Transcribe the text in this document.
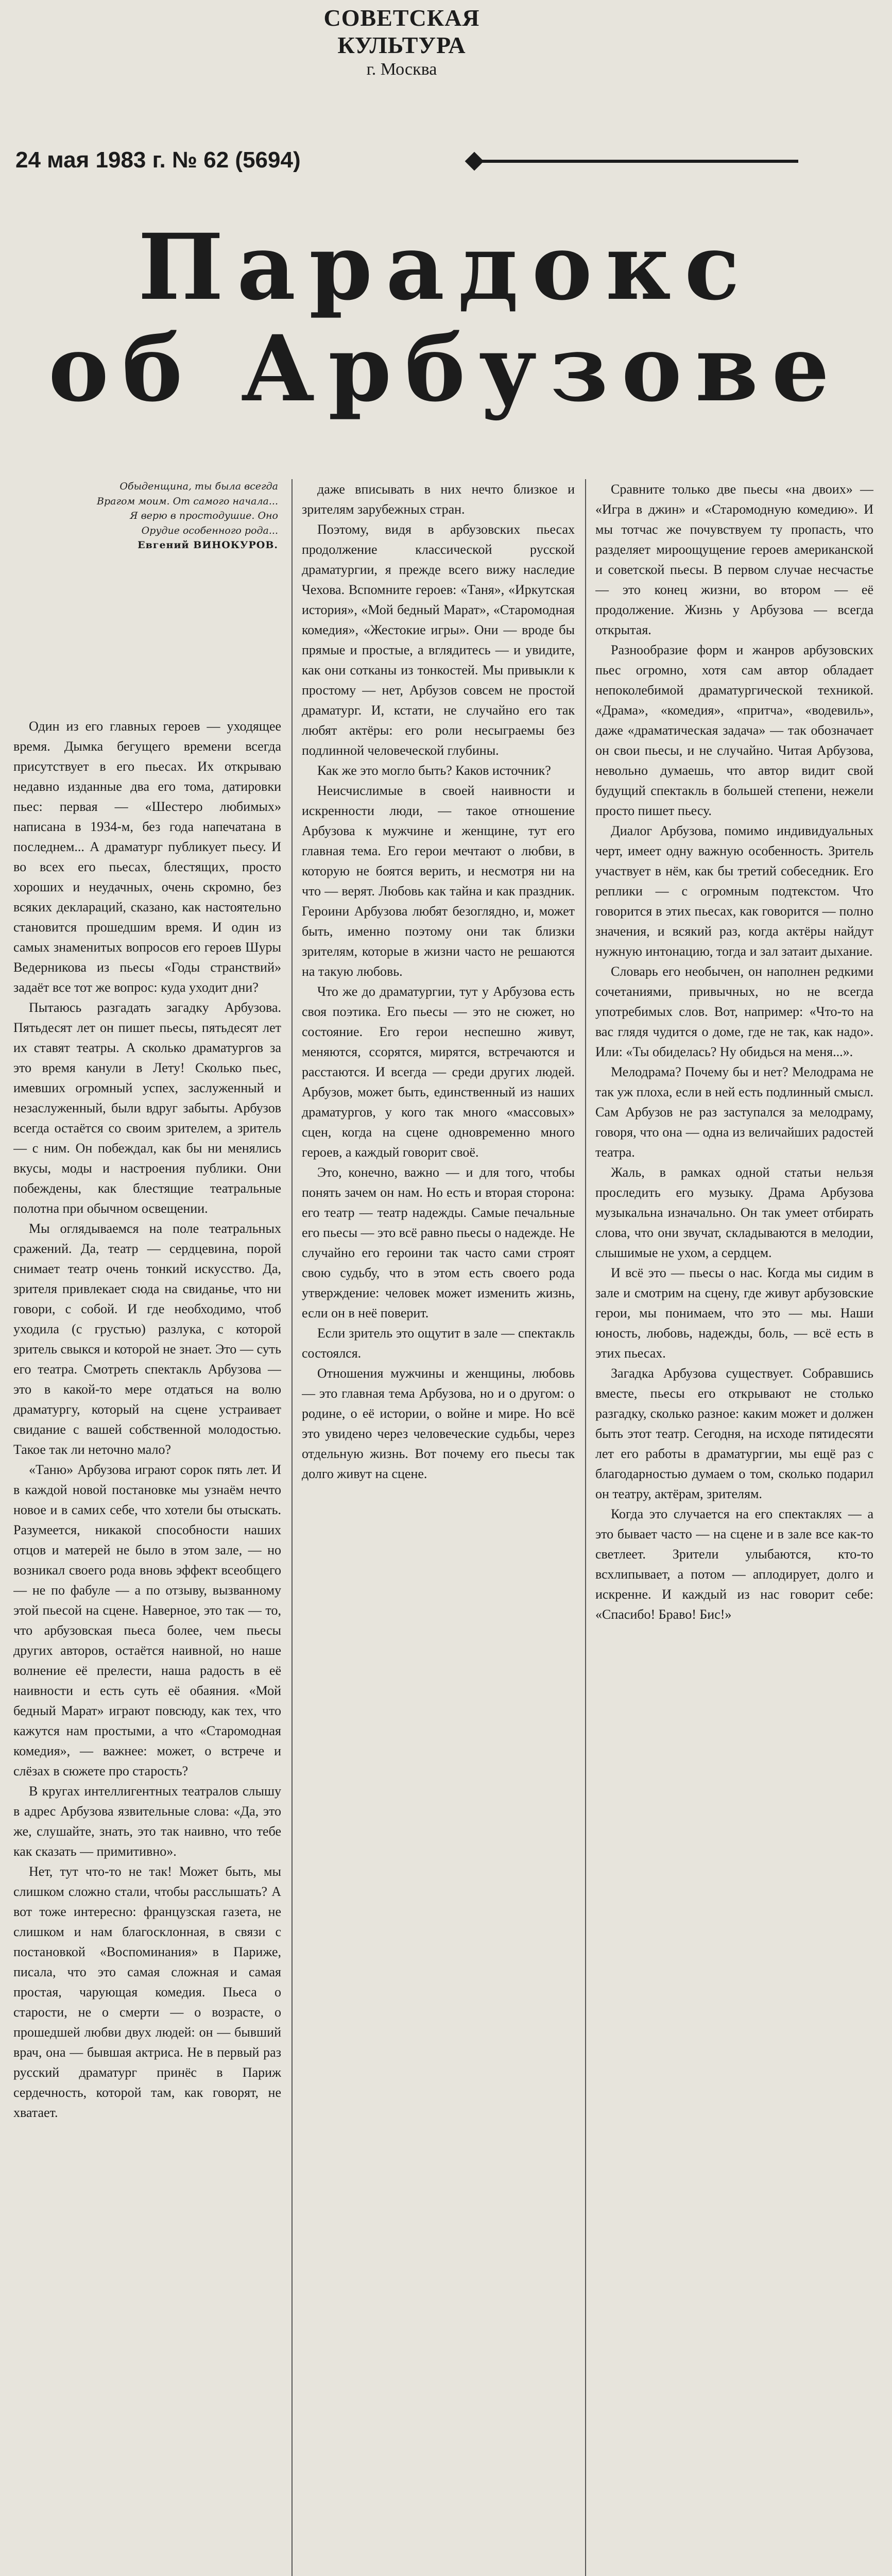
СОВЕТСКАЯ КУЛЬТУРА
г. Москва
24 мая 1983 г. № 62 (5694)
Парадокс
об Арбузове
Обыденщина, ты была всегда
Врагом моим. От самого начала...
Я верю в простодушие. Оно
Орудие особенного рода...
Евгений ВИНОКУРОВ.

Один из его главных героев — уходящее время. Дымка бегущего времени всегда присутствует в его пьесах. Их открываю недавно изданные два его тома, датировки пьес: первая — «Шестеро любимых» написана в 1934-м, без года напечатана в последнем... А драматург публикует пьесу. И во всех его пьесах, блестящих, просто хороших и неудачных, очень скромно, без всяких деклараций, сказано, как настоятельно становится прошедшим время. И один из самых знаменитых вопросов его героев Шуры Ведерникова из пьесы «Годы странствий» задаёт все тот же вопрос: куда уходит дни?

Пытаюсь разгадать загадку Арбузова. Пятьдесят лет он пишет пьесы, пятьдесят лет их ставят театры. А сколько драматургов за это время канули в Лету! Сколько пьес, имевших огромный успех, заслуженный и незаслуженный, были вдруг забыты. Арбузов всегда остаётся со своим зрителем, а зритель — с ним. Он побеждал, как бы ни менялись вкусы, моды и настроения публики. Они побеждены, как блестящие театральные полотна при обычном освещении.

Мы оглядываемся на поле театральных сражений. Да, театр — сердцевина, порой снимает театр очень тонкий искусство. Да, зрителя привлекает сюда на свиданье, что ни говори, с собой. И где необходимо, чтоб уходила (с грустью) разлука, с которой зритель свыкся и которой не знает. Это — суть его театра. Смотреть спектакль Арбузова — это в какой-то мере отдаться на волю драматургу, который на сцене устраивает свидание с вашей собственной молодостью. Такое так ли неточно мало?

«Таню» Арбузова играют сорок пять лет. И в каждой новой постановке мы узнаём нечто новое и в самих себе, что хотели бы отыскать. Разумеется, никакой способности наших отцов и матерей не было в этом зале, — но возникал своего рода вновь эффект всеобщего — не по фабуле — а по отзыву, вызванному этой пьесой на сцене. Наверное, это так — то, что арбузовская пьеса более, чем пьесы других авторов, остаётся наивной, но наше волнение её прелести, наша радость в её наивности и есть суть её обаяния. «Мой бедный Марат» играют повсюду, как тех, что кажутся нам простыми, а что «Старомодная комедия», — важнее: может, о встрече и слёзах в сюжете про старость?

В кругах интеллигентных театралов слышу в адрес Арбузова язвительные слова: «Да, это же, слушайте, знать, это так наивно, что тебе как сказать — примитивно».

Нет, тут что-то не так! Может быть, мы слишком сложно стали, чтобы расслышать? А вот тоже интересно: французская газета, не слишком и нам благосклонная, в связи с постановкой «Воспоминания» в Париже, писала, что это самая сложная и самая простая, чарующая комедия. Пьеса о старости, не о смерти — о возрасте, о прошедшей любви двух людей: он — бывший врач, она — бывшая актриса. Не в первый раз русский драматург принёс в Париж сердечность, которой там, как говорят, не хватает.

даже вписывать в них нечто близкое и зрителям зарубежных стран.

Поэтому, видя в арбузовских пьесах продолжение классической русской драматургии, я прежде всего вижу наследие Чехова. Вспомните героев: «Таня», «Иркутская история», «Мой бедный Марат», «Старомодная комедия», «Жестокие игры». Они — вроде бы прямые и простые, а вглядитесь — и увидите, как они сотканы из тонкостей. Мы привыкли к простому — нет, Арбузов совсем не простой драматург. И, кстати, не случайно его так любят актёры: его роли несыграемы без подлинной человеческой глубины.

Как же это могло быть? Каков источник?

Неисчислимые в своей наивности и искренности люди, — такое отношение Арбузова к мужчине и женщине, тут его главная тема. Его герои мечтают о любви, в которую не боятся верить, и несмотря ни на что — верят. Любовь как тайна и как праздник. Героини Арбузова любят безоглядно, и, может быть, именно поэтому они так близки зрителям, которые в жизни часто не решаются на такую любовь.

Что же до драматургии, тут у Арбузова есть своя поэтика. Его пьесы — это не сюжет, но состояние. Его герои неспешно живут, меняются, ссорятся, мирятся, встречаются и расстаются. И всегда — среди других людей. Арбузов, может быть, единственный из наших драматургов, у кого так много «массовых» сцен, когда на сцене одновременно много героев, а каждый говорит своё.

Это, конечно, важно — и для того, чтобы понять зачем он нам. Но есть и вторая сторона: его театр — театр надежды. Самые печальные его пьесы — это всё равно пьесы о надежде. Не случайно его героини так часто сами строят свою судьбу, что в этом есть своего рода утверждение: человек может изменить жизнь, если он в неё поверит.

Если зритель это ощутит в зале — спектакль состоялся.

Отношения мужчины и женщины, любовь — это главная тема Арбузова, но и о другом: о родине, о её истории, о войне и мире. Но всё это увидено через человеческие судьбы, через отдельную жизнь. Вот почему его пьесы так долго живут на сцене.

Сравните только две пьесы «на двоих» — «Игра в джин» и «Старомодную комедию». И мы тотчас же почувствуем ту пропасть, что разделяет мироощущение героев американской и советской пьесы. В первом случае несчастье — это конец жизни, во втором — её продолжение. Жизнь у Арбузова — всегда открытая.

Разнообразие форм и жанров арбузовских пьес огромно, хотя сам автор обладает непоколебимой драматургической техникой. «Драма», «комедия», «притча», «водевиль», даже «драматическая задача» — так обозначает он свои пьесы, и не случайно. Читая Арбузова, невольно думаешь, что автор видит свой будущий спектакль в большей степени, нежели просто пишет пьесу.

Диалог Арбузова, помимо индивидуальных черт, имеет одну важную особенность. Зритель участвует в нём, как бы третий собеседник. Его реплики — с огромным подтекстом. Что говорится в этих пьесах, как говорится — полно значения, и всякий раз, когда актёры найдут нужную интонацию, тогда и зал затаит дыхание.

Словарь его необычен, он наполнен редкими сочетаниями, привычных, но не всегда употребимых слов. Вот, например: «Что-то на вас глядя чудится о доме, где не так, как надо». Или: «Ты обиделась? Ну обидься на меня...».

Мелодрама? Почему бы и нет? Мелодрама не так уж плоха, если в ней есть подлинный смысл. Сам Арбузов не раз заступался за мелодраму, говоря, что она — одна из величайших радостей театра.

Жаль, в рамках одной статьи нельзя проследить его музыку. Драма Арбузова музыкальна изначально. Он так умеет отбирать слова, что они звучат, складываются в мелодии, слышимые не ухом, а сердцем.

И всё это — пьесы о нас. Когда мы сидим в зале и смотрим на сцену, где живут арбузовские герои, мы понимаем, что это — мы. Наши юность, любовь, надежды, боль, — всё есть в этих пьесах.

Загадка Арбузова существует. Собравшись вместе, пьесы его открывают не столько разгадку, сколько разное: каким может и должен быть этот театр. Сегодня, на исходе пятидесяти лет его работы в драматургии, мы ещё раз с благодарностью думаем о том, сколько подарил он театру, актёрам, зрителям.

Когда это случается на его спектаклях — а это бывает часто — на сцене и в зале все как-то светлеет. Зрители улыбаются, кто-то всхлипывает, а потом — аплодирует, долго и искренне. И каждый из нас говорит себе: «Спасибо! Браво! Бис!»
